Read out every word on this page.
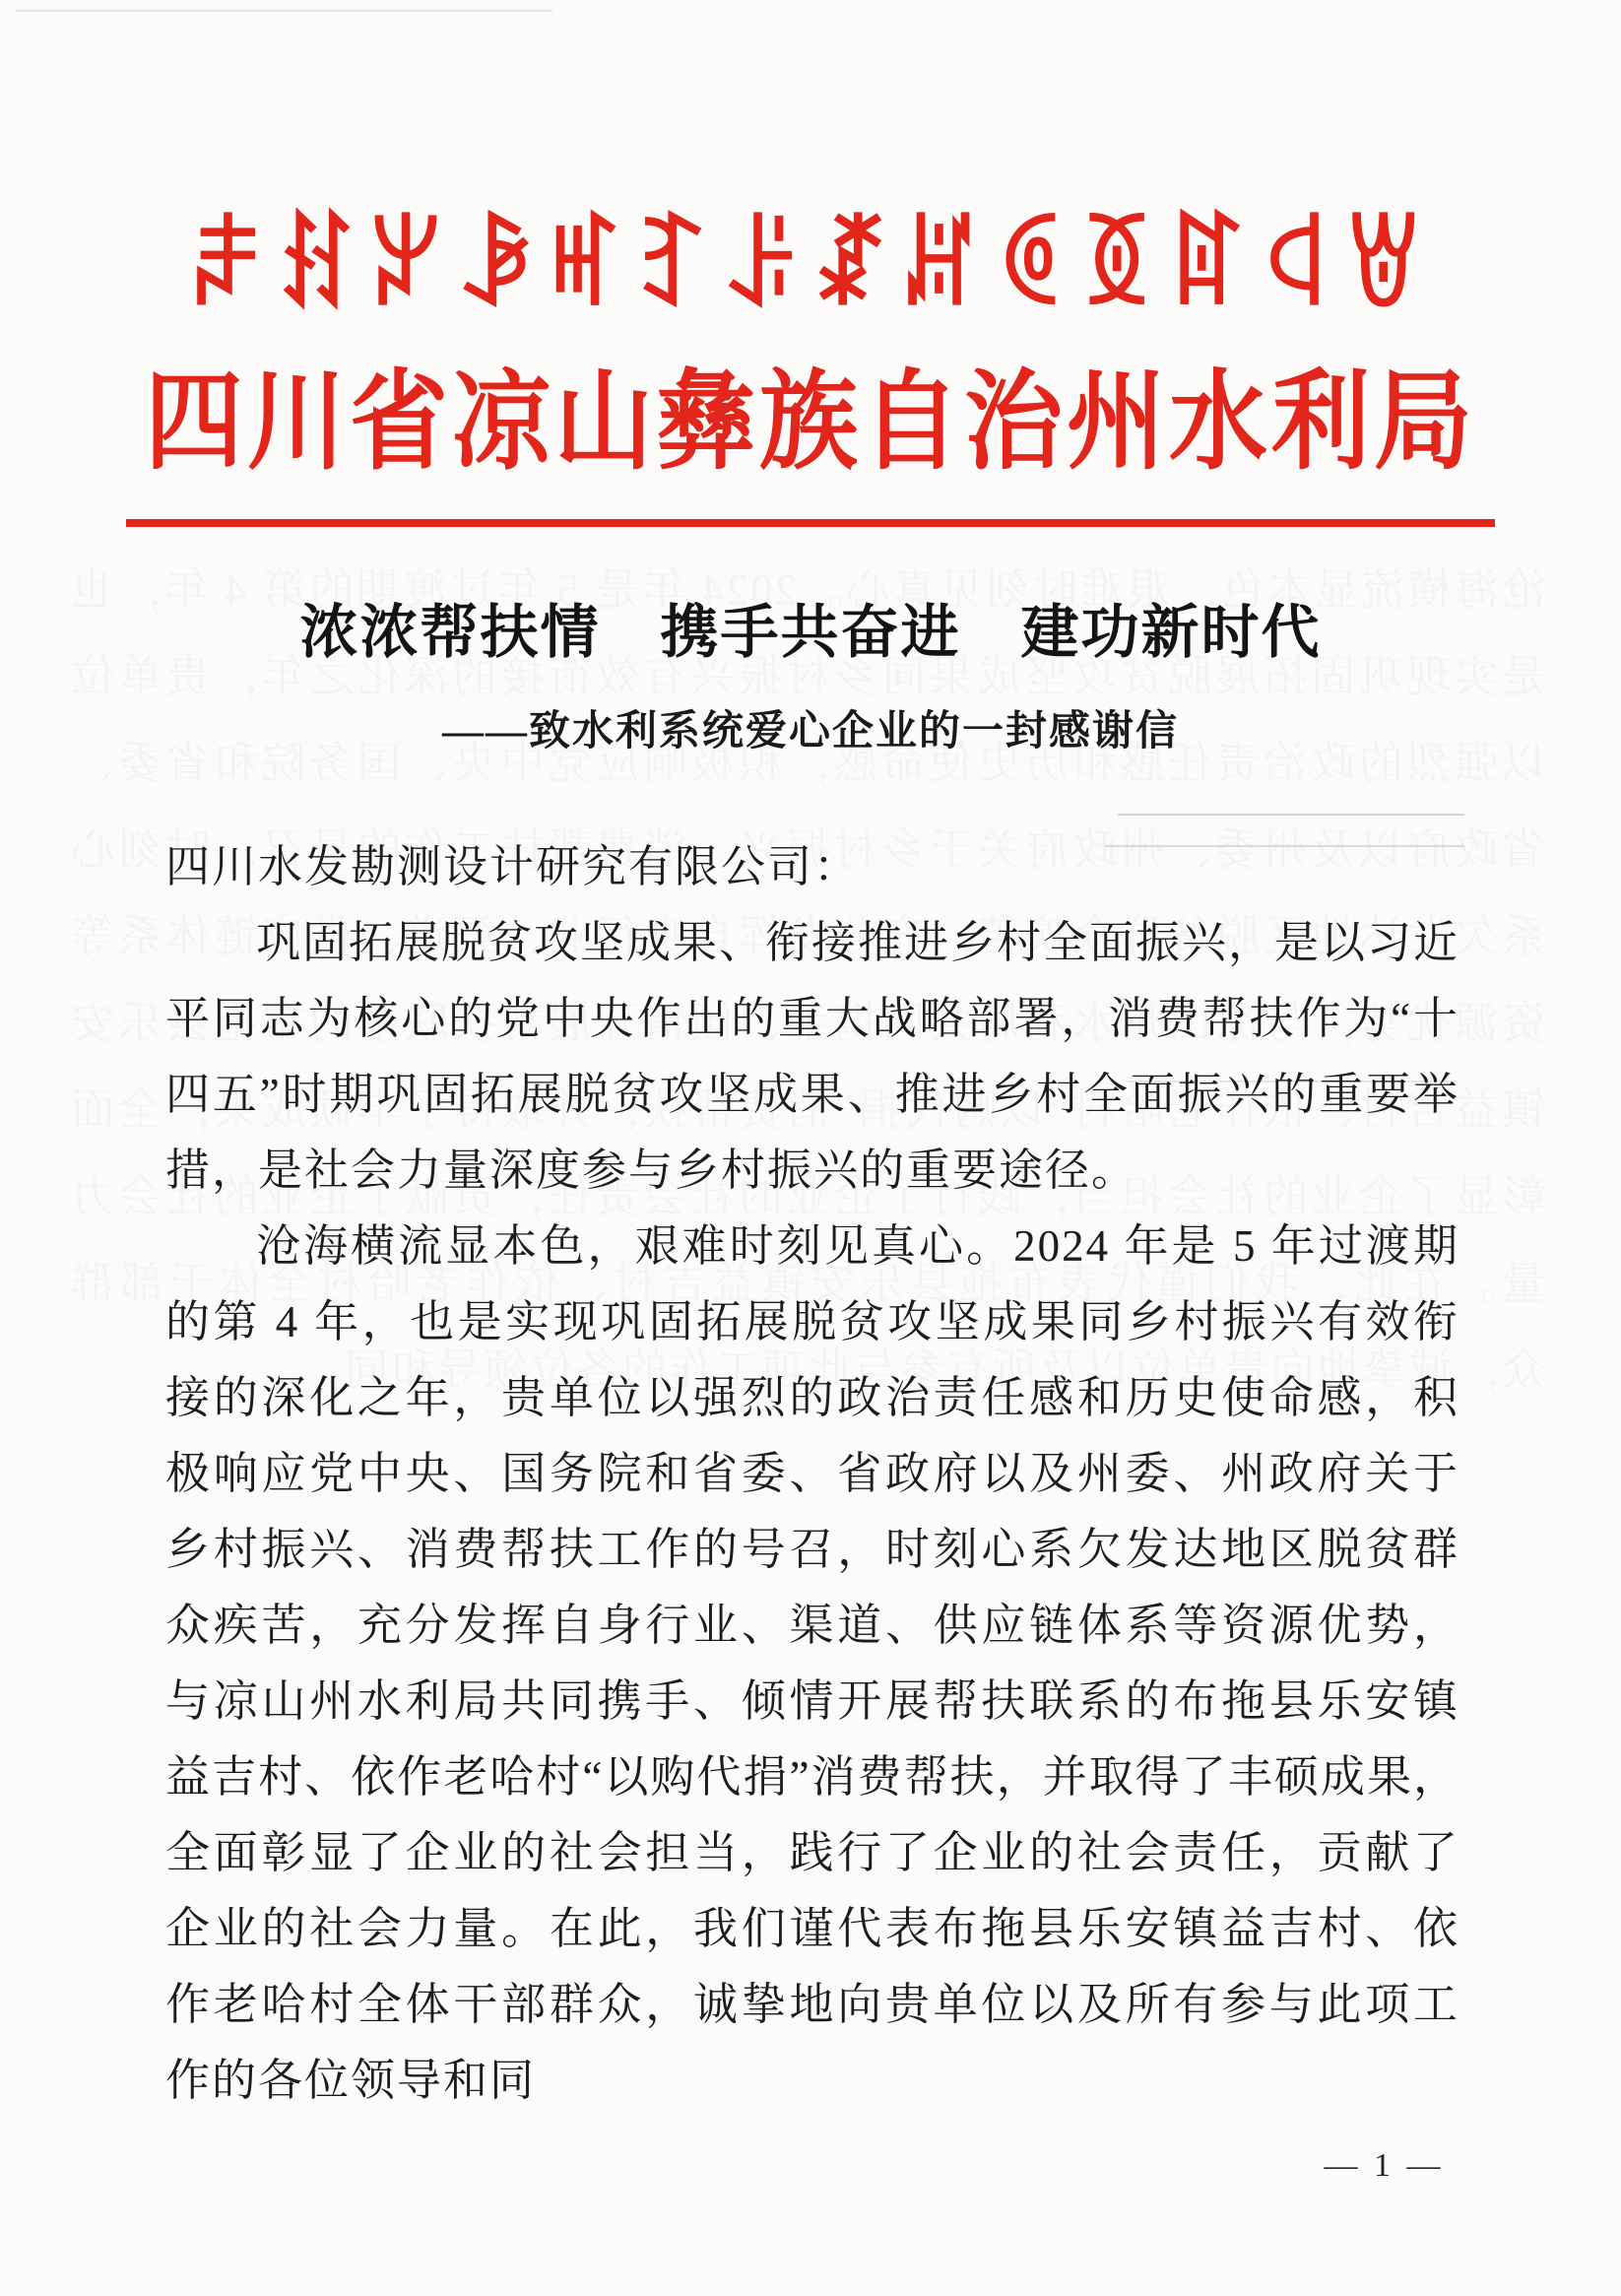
ꌧꍧꏃꆃꎭꆈꌠꊨꏦꏲꅉꍏꒉꇐ
四川省凉山彝族自治州水利局
浓浓帮扶情　携手共奋进　建功新时代
——致水利系统爱心企业的一封感谢信

四川水发勘测设计研究有限公司：

巩固拓展脱贫攻坚成果、衔接推进乡村全面振兴，是以习近平同志为核心的党中央作出的重大战略部署，消费帮扶作为“十四五”时期巩固拓展脱贫攻坚成果、推进乡村全面振兴的重要举措，是社会力量深度参与乡村振兴的重要途径。

沧海横流显本色，艰难时刻见真心。2024 年是 5 年过渡期的第 4 年，也是实现巩固拓展脱贫攻坚成果同乡村振兴有效衔接的深化之年，贵单位以强烈的政治责任感和历史使命感，积极响应党中央、国务院和省委、省政府以及州委、州政府关于乡村振兴、消费帮扶工作的号召，时刻心系欠发达地区脱贫群众疾苦，充分发挥自身行业、渠道、供应链体系等资源优势，与凉山州水利局共同携手、倾情开展帮扶联系的布拖县乐安镇益吉村、依作老哈村“以购代捐”消费帮扶，并取得了丰硕成果，全面彰显了企业的社会担当，践行了企业的社会责任，贡献了企业的社会力量。在此，我们谨代表布拖县乐安镇益吉村、依作老哈村全体干部群众，诚挚地向贵单位以及所有参与此项工作的各位领导和同

— 1 —
